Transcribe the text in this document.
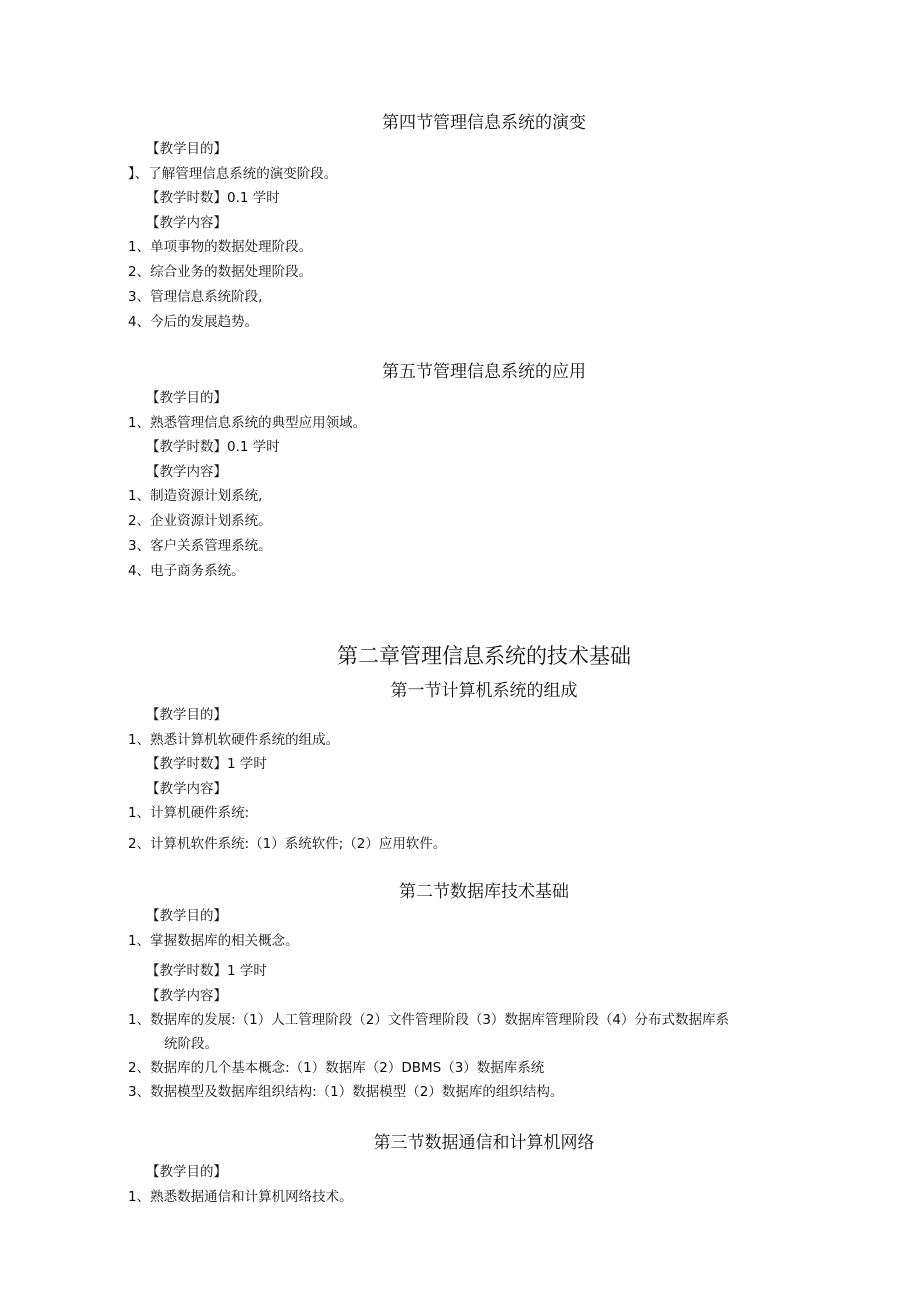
第四节管理信息系统的演变
【教学目的】
】、了解管理信息系统的演变阶段。
【教学时数】0.1 学时
【教学内容】
1、单项事物的数据处理阶段。
2、综合业务的数据处理阶段。
3、管理信息系统阶段,
4、今后的发展趋势。
第五节管理信息系统的应用
【教学目的】
1、熟悉管理信息系统的典型应用领域。
【教学时数】0.1 学时
【教学内容】
1、制造资源计划系统,
2、企业资源计划系统。
3、客户关系管理系统。
4、电子商务系统。
第二章管理信息系统的技术基础
第一节计算机系统的组成
【教学目的】
1、熟悉计算机软硬件系统的组成。
【教学时数】1 学时
【教学内容】
1、计算机硬件系统:
2、计算机软件系统:（1）系统软件;（2）应用软件。
第二节数据库技术基础
【教学目的】
1、掌握数据库的相关概念。
【教学时数】1 学时
【教学内容】
1、数据库的发展:（1）人工管理阶段（2）文件管理阶段（3）数据库管理阶段（4）分布式数据库系
统阶段。
2、数据库的几个基本概念:（1）数据库（2）DBMS（3）数据库系统
3、数据模型及数据库组织结构:（1）数据模型（2）数据库的组织结构。
第三节数据通信和计算机网络
【教学目的】
1、熟悉数据通信和计算机网络技术。
